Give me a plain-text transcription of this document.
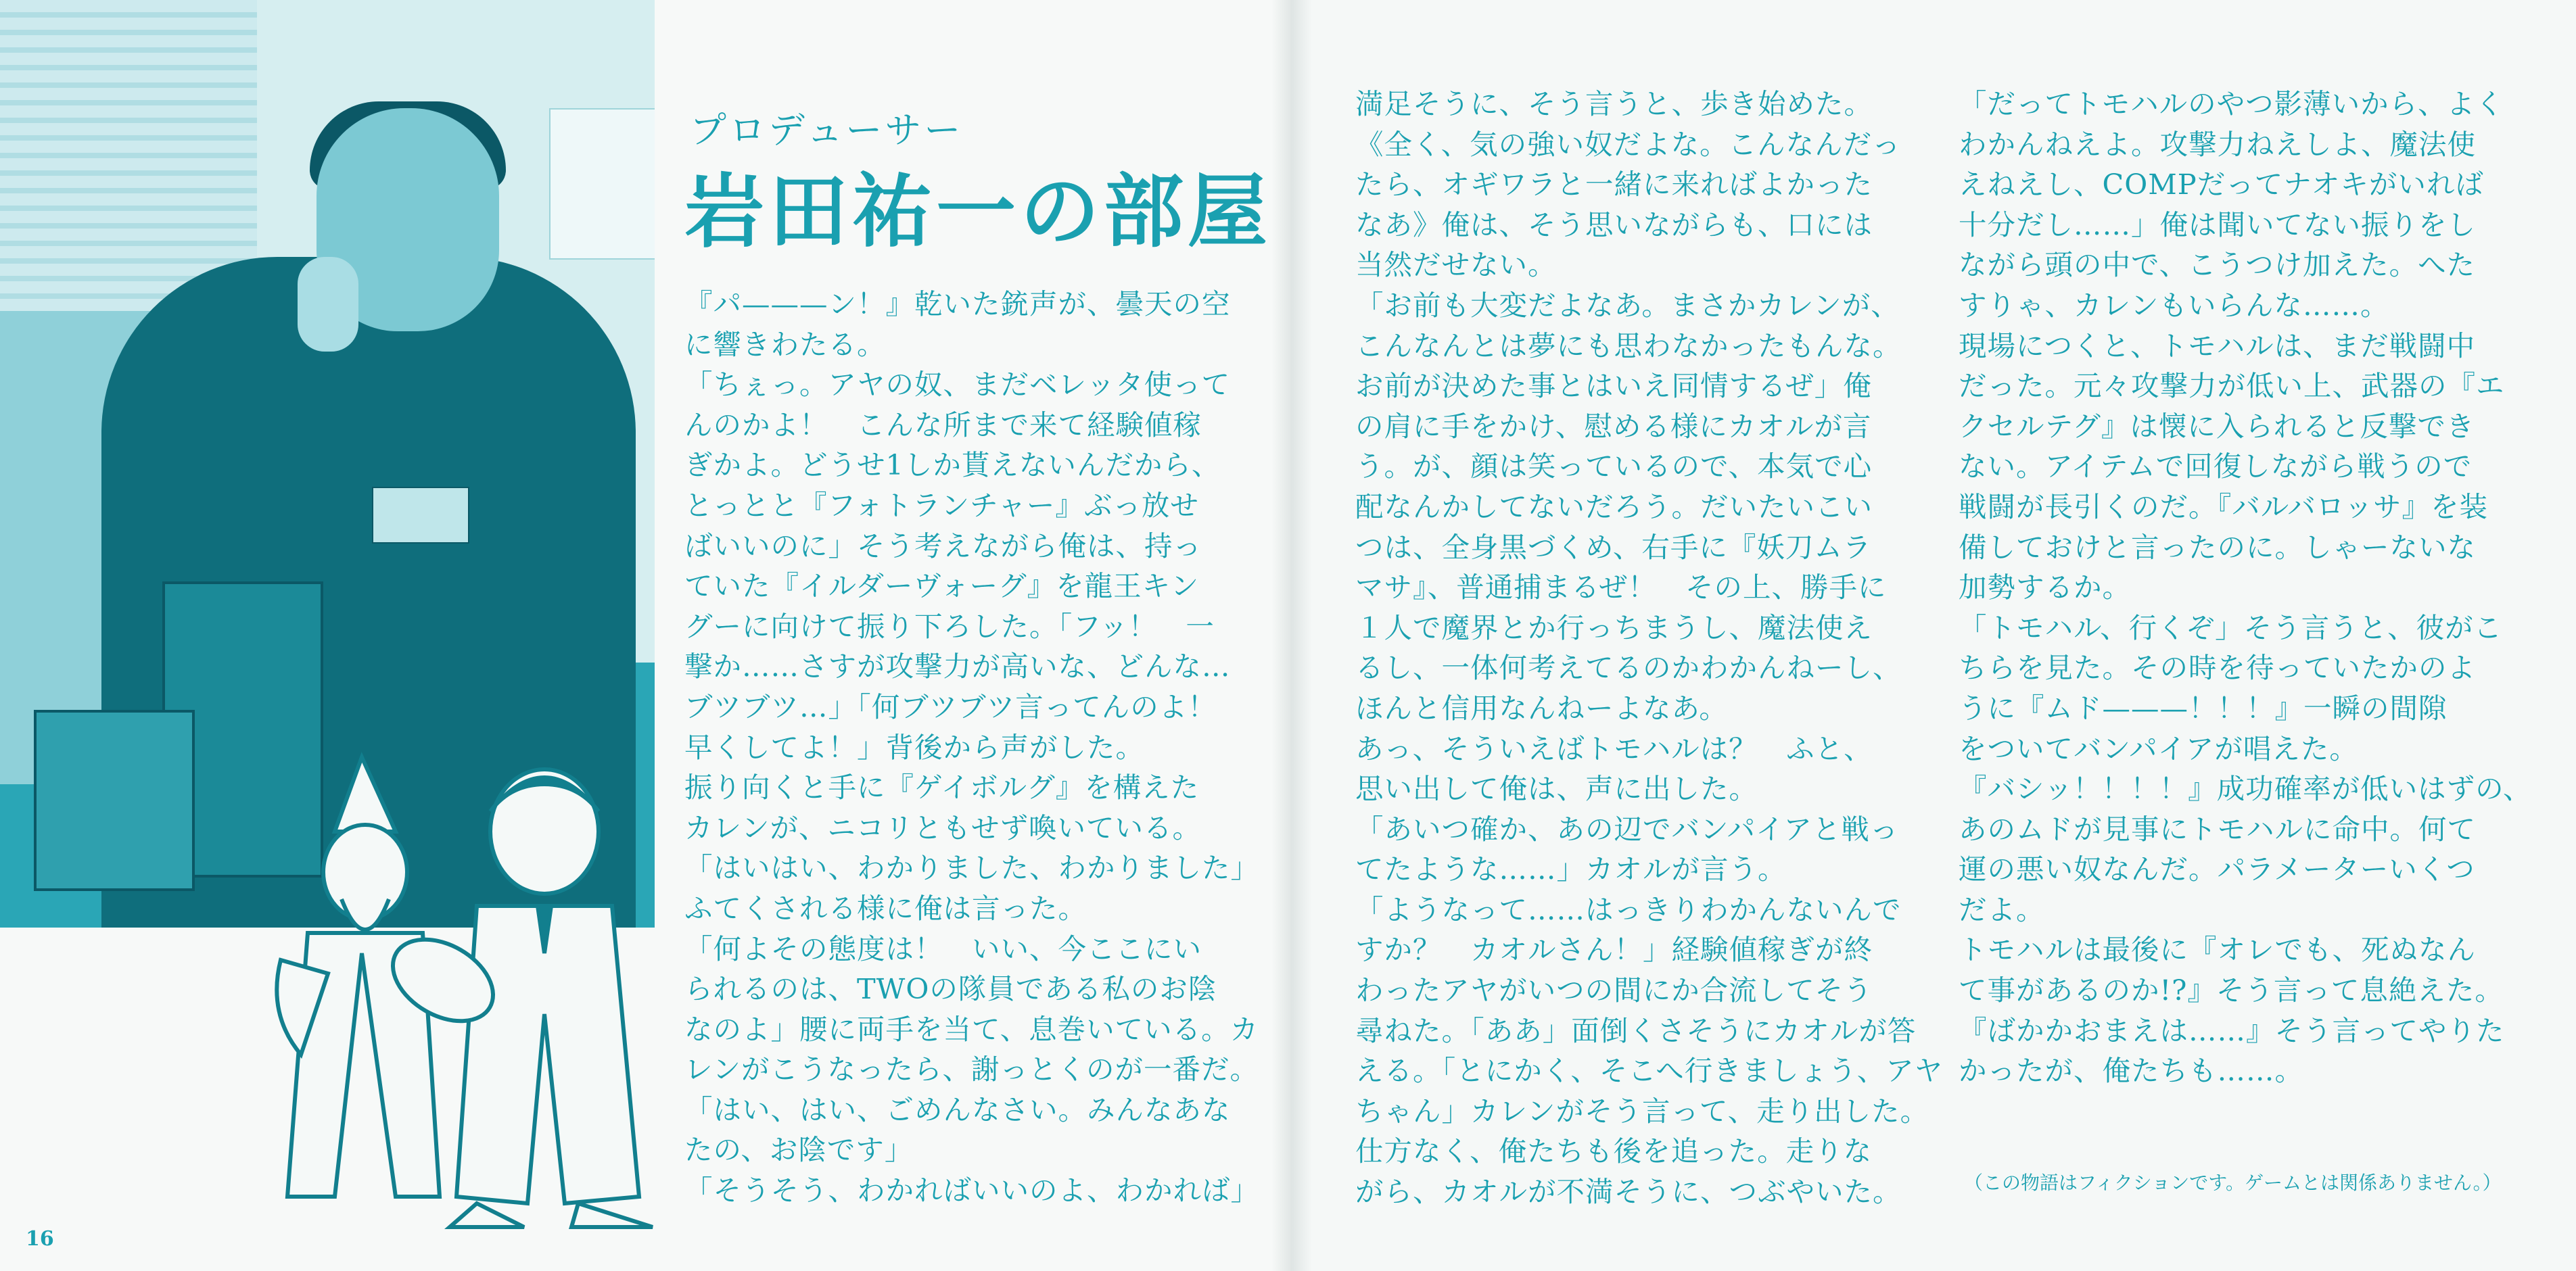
プロデューサー
岩田祐一の部屋
『パ———ン！』乾いた銃声が、曇天の空
に響きわたる。
「ちぇっ。アヤの奴、まだベレッタ使って
んのかよ！　こんな所まで来て経験値稼
ぎかよ。どうせ1しか貰えないんだから、
とっとと『フォトランチャー』ぶっ放せ
ばいいのに」そう考えながら俺は、持っ
ていた『イルダーヴォーグ』を龍王キン
グーに向けて振り下ろした。「フッ！　一
撃か……さすが攻撃力が高いな、どんな…
ブツブツ…」「何ブツブツ言ってんのよ！
早くしてよ！」背後から声がした。
振り向くと手に『ゲイボルグ』を構えた
カレンが、ニコリともせず喚いている。
「はいはい、わかりました、わかりました」
ふてくされる様に俺は言った。
「何よその態度は！　いい、今ここにい
られるのは、TWOの隊員である私のお陰
なのよ」腰に両手を当て、息巻いている。カ
レンがこうなったら、謝っとくのが一番だ。
「はい、はい、ごめんなさい。みんなあな
たの、お陰です」
「そうそう、わかればいいのよ、わかれば」
満足そうに、そう言うと、歩き始めた。
《全く、気の強い奴だよな。こんなんだっ
たら、オギワラと一緒に来ればよかった
なあ》俺は、そう思いながらも、口には
当然だせない。
「お前も大変だよなあ。まさかカレンが、
こんなんとは夢にも思わなかったもんな。
お前が決めた事とはいえ同情するぜ」俺
の肩に手をかけ、慰める様にカオルが言
う。が、顔は笑っているので、本気で心
配なんかしてないだろう。だいたいこい
つは、全身黒づくめ、右手に『妖刀ムラ
マサ』、普通捕まるぜ！　その上、勝手に
１人で魔界とか行っちまうし、魔法使え
るし、一体何考えてるのかわかんねーし、
ほんと信用なんねーよなあ。
あっ、そういえばトモハルは？　ふと、
思い出して俺は、声に出した。
「あいつ確か、あの辺でバンパイアと戦っ
てたような……」カオルが言う。
「ようなって……はっきりわかんないんで
すか？　カオルさん！」経験値稼ぎが終
わったアヤがいつの間にか合流してそう
尋ねた。「ああ」面倒くさそうにカオルが答
える。「とにかく、そこへ行きましょう、アヤ
ちゃん」カレンがそう言って、走り出した。
仕方なく、俺たちも後を追った。走りな
がら、カオルが不満そうに、つぶやいた。
「だってトモハルのやつ影薄いから、よく
わかんねえよ。攻撃力ねえしよ、魔法使
えねえし、COMPだってナオキがいれば
十分だし……」俺は聞いてない振りをし
ながら頭の中で、こうつけ加えた。へた
すりゃ、カレンもいらんな……。
現場につくと、トモハルは、まだ戦闘中
だった。元々攻撃力が低い上、武器の『エ
クセルテグ』は懐に入られると反撃でき
ない。アイテムで回復しながら戦うので
戦闘が長引くのだ。『バルバロッサ』を装
備しておけと言ったのに。しゃーないな
加勢するか。
「トモハル、行くぞ」そう言うと、彼がこ
ちらを見た。その時を待っていたかのよ
うに『ムド———！！！』一瞬の間隙
をついてバンパイアが唱えた。
『バシッ！！！！』成功確率が低いはずの、
あのムドが見事にトモハルに命中。何て
運の悪い奴なんだ。パラメーターいくつ
だよ。
トモハルは最後に『オレでも、死ぬなん
て事があるのか!?』そう言って息絶えた。
『ばかかおまえは……』そう言ってやりた
かったが、俺たちも……。
16
（この物語はフィクションです。ゲームとは関係ありません。）
